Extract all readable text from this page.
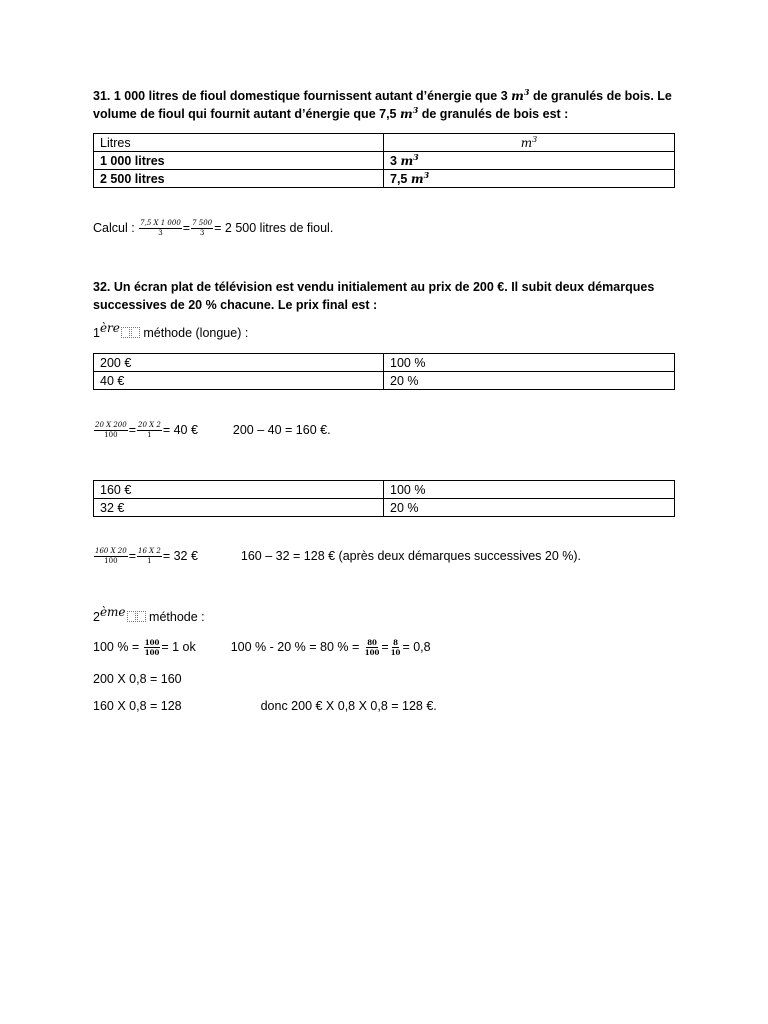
31. 1 000 litres de fioul domestique fournissent autant d’énergie que 3 $m^3$ de granulés de bois. Le
volume de fioul qui fournit autant d’énergie que 7,5 $m^3$ de granulés de bois est :
Litres	$m^3$
1 000 litres	3 $m^3$
2 500 litres	7,5 $m^3$
Calcul : $\frac{7,5 X 1 000}{3} = \frac{7 500}{3} = 2$ 500 litres de fioul.
32. Un écran plat de télévision est vendu initialement au prix de 200 €. Il subit deux démarques
successives de 20 % chacune. Le prix final est :
1ère méthode (longue) :
200 €	100 %
40 €	20 %
$\frac{20 X 200}{100} = \frac{20 X 2}{1} = 40$ €	200 – 40 = 160 €.
160 €	100 %
32 €	20 %
$\frac{160 X 20}{100} = \frac{16 X 2}{1} = 32$ €	160 – 32 = 128 € (après deux démarques successives 20 %).
2ème méthode :
100 % = $\frac{100}{100} = 1$ ok	100 % - 20 % = 80 % = $\frac{80}{100} = \frac{8}{10} = 0,8$
200 X 0,8 = 160
160 X 0,8 = 128	donc 200 € X 0,8 X 0,8 = 128 €.
